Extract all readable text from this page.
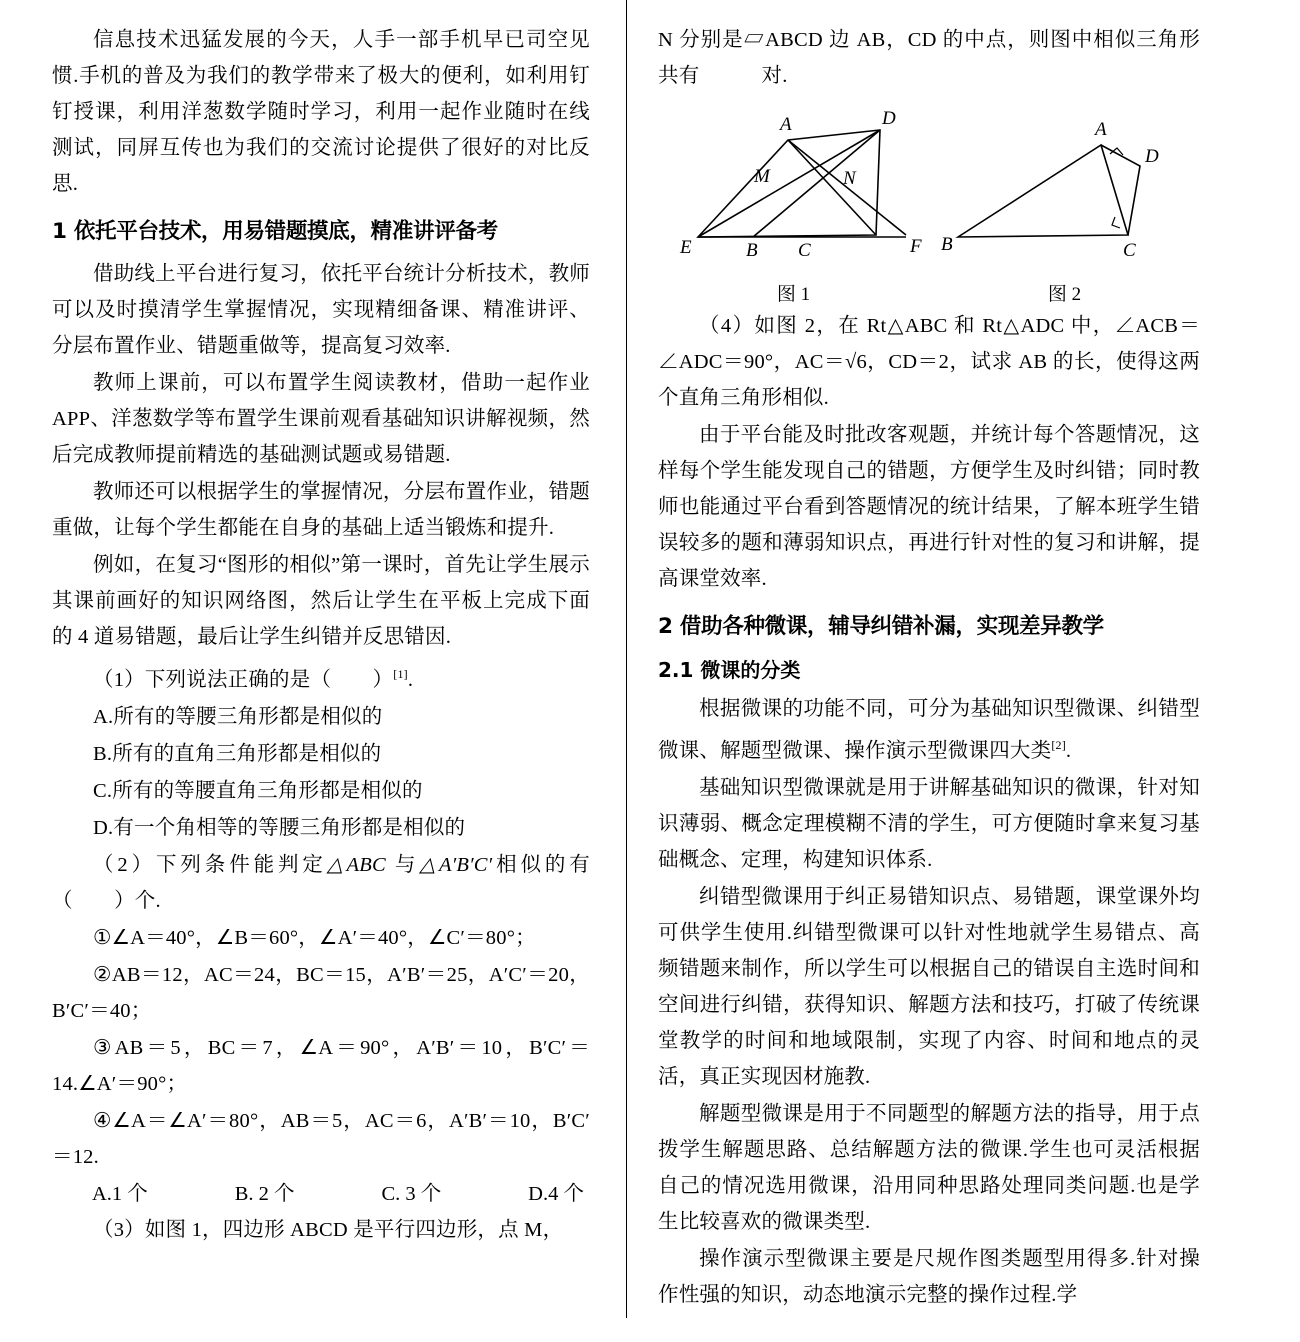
信息技术迅猛发展的今天，人手一部手机早已司空见惯.手机的普及为我们的教学带来了极大的便利，如利用钉钉授课，利用洋葱数学随时学习，利用一起作业随时在线测试，同屏互传也为我们的交流讨论提供了很好的对比反思.

1 依托平台技术，用易错题摸底，精准讲评备考

借助线上平台进行复习，依托平台统计分析技术，教师可以及时摸清学生掌握情况，实现精细备课、精准讲评、分层布置作业、错题重做等，提高复习效率.

教师上课前，可以布置学生阅读教材，借助一起作业 APP、洋葱数学等布置学生课前观看基础知识讲解视频，然后完成教师提前精选的基础测试题或易错题.

教师还可以根据学生的掌握情况，分层布置作业，错题重做，让每个学生都能在自身的基础上适当锻炼和提升.

例如，在复习“图形的相似”第一课时，首先让学生展示其课前画好的知识网络图，然后让学生在平板上完成下面的 4 道易错题，最后让学生纠错并反思错因.

（1）下列说法正确的是（　　）[1].

A.所有的等腰三角形都是相似的

B.所有的直角三角形都是相似的

C.所有的等腰直角三角形都是相似的

D.有一个角相等的等腰三角形都是相似的

（2）下列条件能判定△ABC 与△A′B′C′相似的有（　　）个.

①∠A＝40°，∠B＝60°，∠A′＝40°，∠C′＝80°；

②AB＝12，AC＝24，BC＝15，A′B′＝25，A′C′＝20，B′C′＝40；

③AB＝5，BC＝7，∠A＝90°，A′B′＝10，B′C′＝14.∠A′＝90°；

④∠A＝∠A′＝80°，AB＝5，AC＝6，A′B′＝10，B′C′＝12.

A.1 个	B. 2 个	C. 3 个	D.4 个

（3）如图 1，四边形 ABCD 是平行四边形，点 M，

N 分别是▱ABCD 边 AB，CD 的中点，则图中相似三角形共有　　　对.

A	D
M	N
E	B C	F
A
D
B	C
图 1	图 2

（4）如图 2，在 Rt△ABC 和 Rt△ADC 中，∠ACB＝∠ADC＝90°，AC＝√6，CD＝2，试求 AB 的长，使得这两个直角三角形相似.

由于平台能及时批改客观题，并统计每个答题情况，这样每个学生能发现自己的错题，方便学生及时纠错；同时教师也能通过平台看到答题情况的统计结果，了解本班学生错误较多的题和薄弱知识点，再进行针对性的复习和讲解，提高课堂效率.

2 借助各种微课，辅导纠错补漏，实现差异教学
2.1 微课的分类

根据微课的功能不同，可分为基础知识型微课、纠错型微课、解题型微课、操作演示型微课四大类[2].

基础知识型微课就是用于讲解基础知识的微课，针对知识薄弱、概念定理模糊不清的学生，可方便随时拿来复习基础概念、定理，构建知识体系.

纠错型微课用于纠正易错知识点、易错题，课堂课外均可供学生使用.纠错型微课可以针对性地就学生易错点、高频错题来制作，所以学生可以根据自己的错误自主选时间和空间进行纠错，获得知识、解题方法和技巧，打破了传统课堂教学的时间和地域限制，实现了内容、时间和地点的灵活，真正实现因材施教.

解题型微课是用于不同题型的解题方法的指导，用于点拨学生解题思路、总结解题方法的微课.学生也可灵活根据自己的情况选用微课，沿用同种思路处理同类问题.也是学生比较喜欢的微课类型.

操作演示型微课主要是尺规作图类题型用得多.针对操作性强的知识，动态地演示完整的操作过程.学
